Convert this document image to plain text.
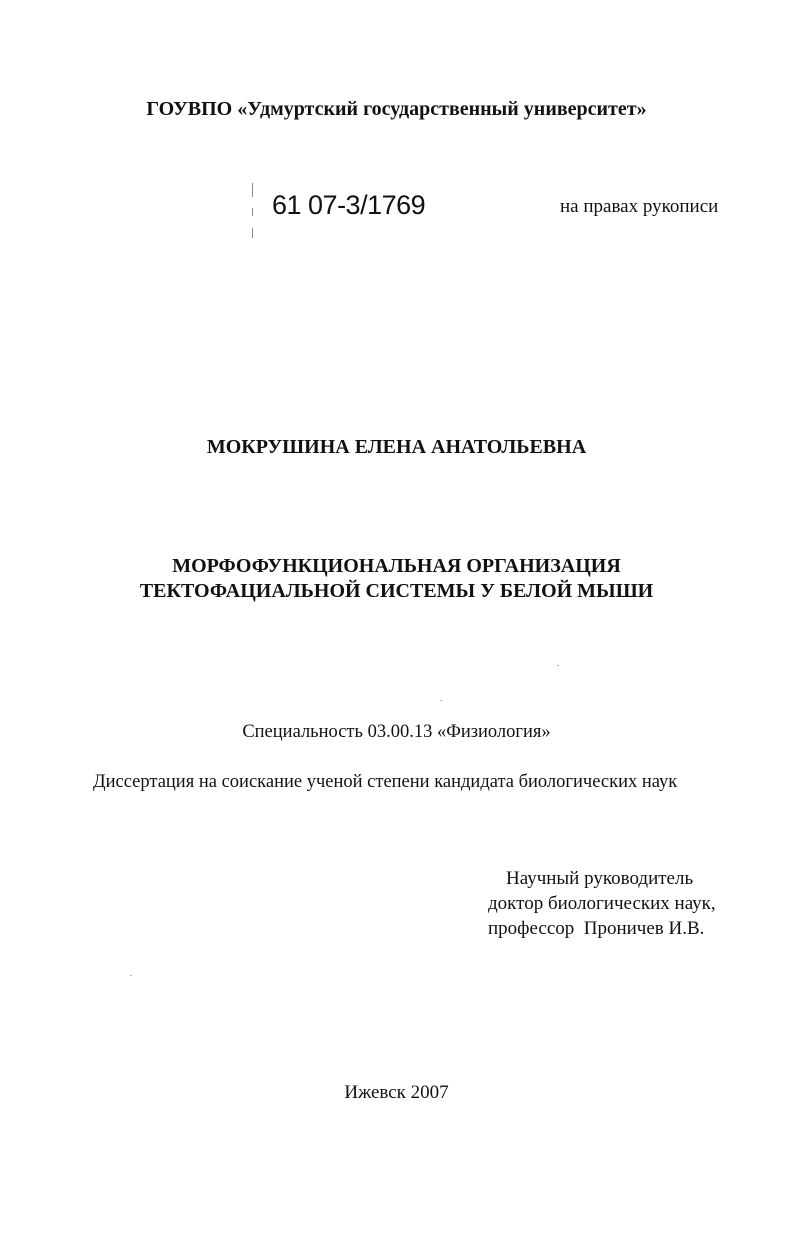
ГОУВПО «Удмуртский государственный университет»
61 07-3/1769	на правах рукописи
МОКРУШИНА ЕЛЕНА АНАТОЛЬЕВНА
МОРФОФУНКЦИОНАЛЬНАЯ ОРГАНИЗАЦИЯ
ТЕКТОФАЦИАЛЬНОЙ СИСТЕМЫ У БЕЛОЙ МЫШИ
Специальность 03.00.13 «Физиология»
Диссертация на соискание ученой степени кандидата биологических наук
Научный руководитель
доктор биологических наук,
профессор  Проничев И.В.
Ижевск 2007
